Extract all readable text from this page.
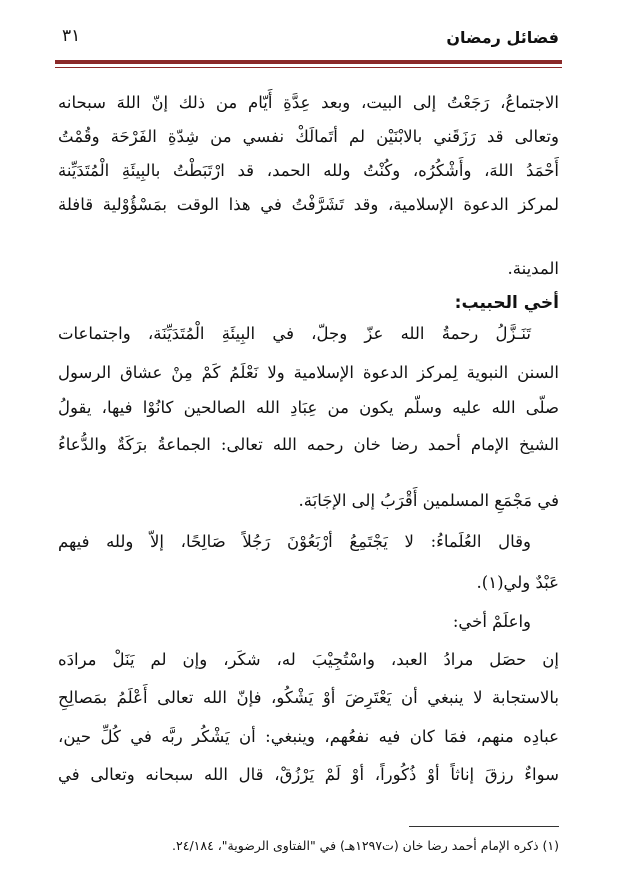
فضائل رمضان
٣١
الاجتماعُ، رَجَعْتُ إلى البيت، وبعد عِدَّةِ أَيّام من ذلك إنّ اللهَ سبحانه
وتعالى قد رَزَقَني بالابْنَيْن لم أتَمالَكْ نفسي من شِدّةِ الفَرْحَة وقُمْتُ
أَحْمَدُ اللهَ، وأَشْكُرُه، وكُنْتُ ولله الحمد، قد ارْتَبَطْتُ بالبِيئَةِ الْمُتَدَيِّنة
لمركز الدعوة الإسلامية، وقد تَشَرَّفْتُ في هذا الوقت بمَسْؤُوْلية قافلة
المدينة.
أخي الحبيب:
تَنَـزَّلُ رحمةُ الله عزّ وجلّ، في البِيئَةِ الْمُتَدَيِّنَة، واجتماعات
السنن النبوية لِمركز الدعوة الإسلامية ولا نَعْلَمُ كَمْ مِنْ عشاق الرسول
صلّى الله عليه وسلّم يكون من عِبَادِ الله الصالحين كانُوْا فيها، يقولُ
الشيخ الإمام أحمد رضا خان رحمه الله تعالى: الجماعةُ برَكَةٌ والدُّعاءُ
في مَجْمَعِ المسلمين أَقْرَبُ إلى الإجَابَة.
وقال العُلَماءُ: لا يَجْتَمِعُ أرْبَعُوْنَ رَجُلاً صَالِحًا، إلاّ ولله فيهم
عَبْدٌ ولي(١).
واعلَمْ أخي:
إن حصَل مرادُ العبد، واسْتُجِيْبَ له، شكَر، وإن لم يَنَلْ مرادَه
بالاستجابة لا ينبغي أن يَعْتَرِضَ أوْ يَشْكُو، فإنّ الله تعالى أَعْلَمُ بمَصالِحِ
عبادِه منهم، فمَا كان فيه نفعُهم، وينبغي: أن يَشْكُر ربَّه في كُلِّ حين،
سواءٌ رزقَ إناثاً أوْ ذُكُوراً، أوْ لَمْ يَرْزُقْ، قال الله سبحانه وتعالى في
(١) ذكره الإمام أحمد رضا خان (ت١٢٩٧هـ) في "الفتاوى الرضوية"، ٢٤/١٨٤.
